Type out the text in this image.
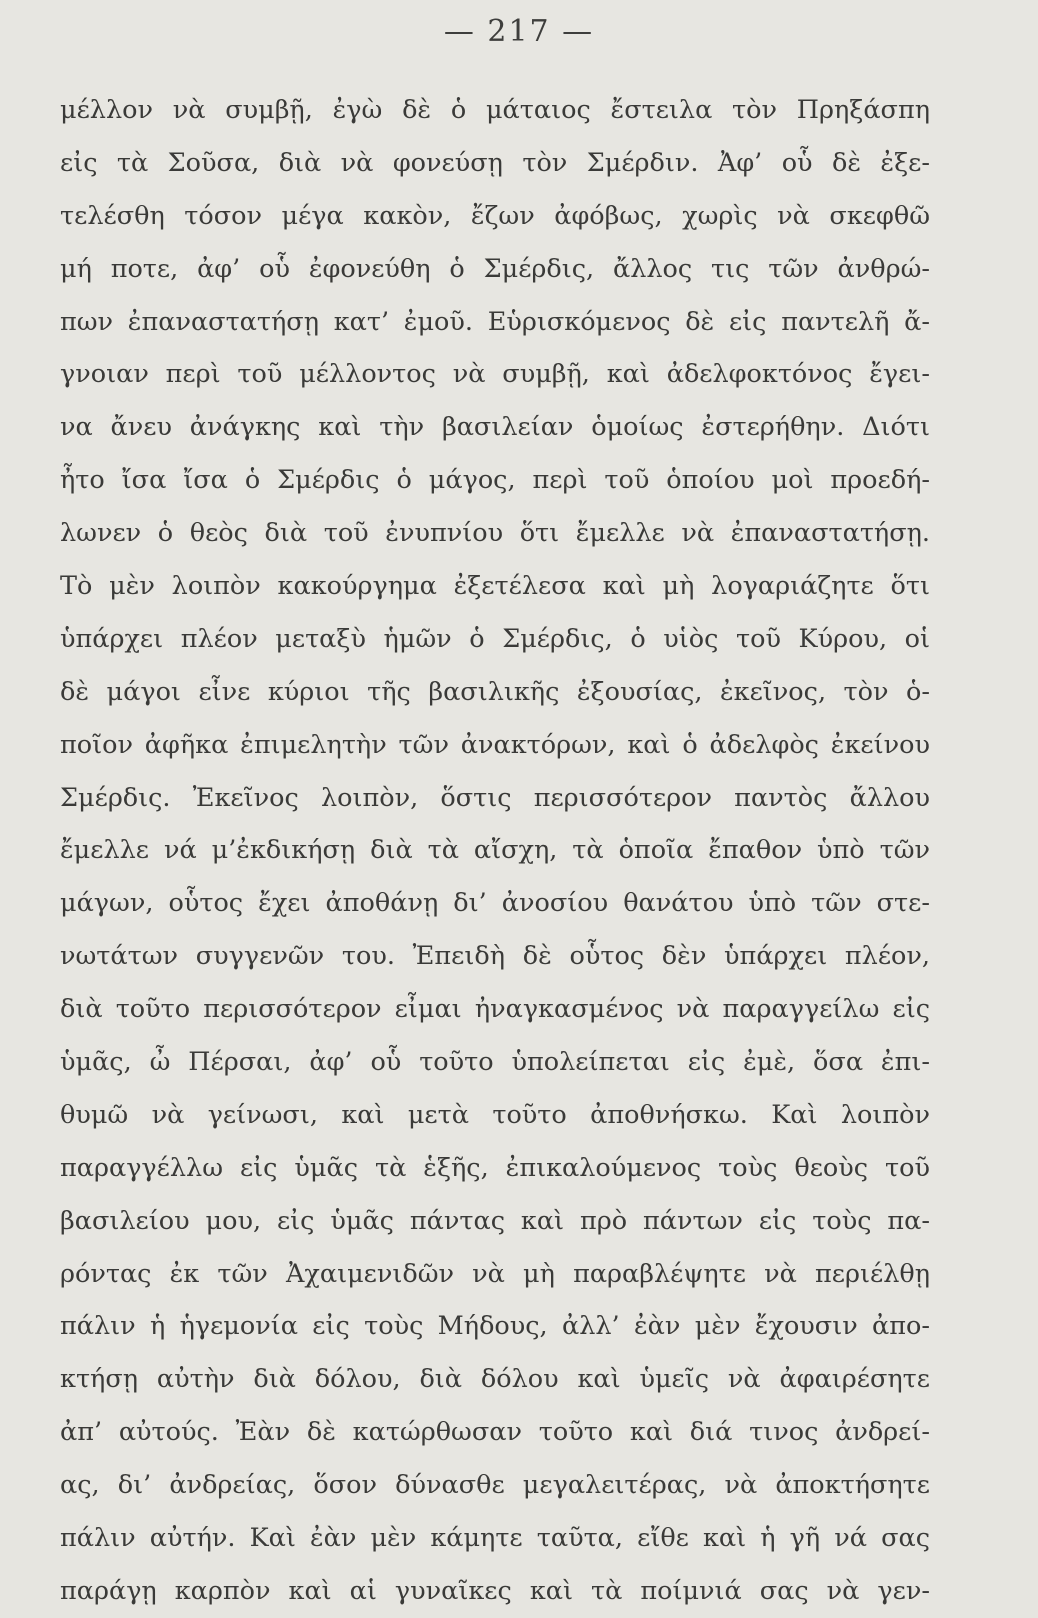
— 217 —
μέλλον νὰ συμβῇ, ἐγὼ δὲ ὁ μάταιος ἔστειλα τὸν Πρηξάσπη
εἰς τὰ Σοῦσα, διὰ νὰ φονεύσῃ τὸν Σμέρδιν. Ἀφ’ οὗ δὲ ἐξε-
τελέσθη τόσον μέγα κακὸν, ἔζων ἀφόβως, χωρὶς νὰ σκεφθῶ
μή ποτε, ἀφ’ οὗ ἐφονεύθη ὁ Σμέρδις, ἄλλος τις τῶν ἀνθρώ-
πων ἐπαναστατήσῃ κατ’ ἐμοῦ. Εὑρισκόμενος δὲ εἰς παντελῆ ἄ-
γνοιαν περὶ τοῦ μέλλοντος νὰ συμβῇ, καὶ ἀδελφοκτόνος ἔγει-
να ἄνευ ἀνάγκης καὶ τὴν βασιλείαν ὁμοίως ἐστερήθην. Διότι
ἦτο ἴσα ἴσα ὁ Σμέρδις ὁ μάγος, περὶ τοῦ ὁποίου μοὶ προεδή-
λωνεν ὁ θεὸς διὰ τοῦ ἐνυπνίου ὅτι ἔμελλε νὰ ἐπαναστατήσῃ.
Τὸ μὲν λοιπὸν κακούργημα ἐξετέλεσα καὶ μὴ λογαριάζητε ὅτι
ὑπάρχει πλέον μεταξὺ ἡμῶν ὁ Σμέρδις, ὁ υἱὸς τοῦ Κύρου, οἱ
δὲ μάγοι εἶνε κύριοι τῆς βασιλικῆς ἐξουσίας, ἐκεῖνος, τὸν ὁ-
ποῖον ἀφῆκα ἐπιμελητὴν τῶν ἀνακτόρων, καὶ ὁ ἀδελφὸς ἐκείνου
Σμέρδις. Ἐκεῖνος λοιπὸν, ὅστις περισσότερον παντὸς ἄλλου
ἔμελλε νά μ’ἐκδικήσῃ διὰ τὰ αἴσχη, τὰ ὁποῖα ἔπαθον ὑπὸ τῶν
μάγων, οὗτος ἔχει ἀποθάνῃ δι’ ἀνοσίου θανάτου ὑπὸ τῶν στε-
νωτάτων συγγενῶν του. Ἐπειδὴ δὲ οὗτος δὲν ὑπάρχει πλέον,
διὰ τοῦτο περισσότερον εἶμαι ἠναγκασμένος νὰ παραγγείλω εἰς
ὑμᾶς, ὦ Πέρσαι, ἀφ’ οὗ τοῦτο ὑπολείπεται εἰς ἐμὲ, ὅσα ἐπι-
θυμῶ νὰ γείνωσι, καὶ μετὰ τοῦτο ἀποθνήσκω. Καὶ λοιπὸν
παραγγέλλω εἰς ὑμᾶς τὰ ἑξῆς, ἐπικαλούμενος τοὺς θεοὺς τοῦ
βασιλείου μου, εἰς ὑμᾶς πάντας καὶ πρὸ πάντων εἰς τοὺς πα-
ρόντας ἐκ τῶν Ἀχαιμενιδῶν νὰ μὴ παραβλέψητε νὰ περιέλθῃ
πάλιν ἡ ἡγεμονία εἰς τοὺς Μήδους, ἀλλ’ ἐὰν μὲν ἔχουσιν ἀπο-
κτήσῃ αὐτὴν διὰ δόλου, διὰ δόλου καὶ ὑμεῖς νὰ ἀφαιρέσητε
ἀπ’ αὐτούς. Ἐὰν δὲ κατώρθωσαν τοῦτο καὶ διά τινος ἀνδρεί-
ας, δι’ ἀνδρείας, ὅσον δύνασθε μεγαλειτέρας, νὰ ἀποκτήσητε
πάλιν αὐτήν. Καὶ ἐὰν μὲν κάμητε ταῦτα, εἴθε καὶ ἡ γῆ νά σας
παράγῃ καρπὸν καὶ αἱ γυναῖκες καὶ τὰ ποίμνιά σας νὰ γεν-
